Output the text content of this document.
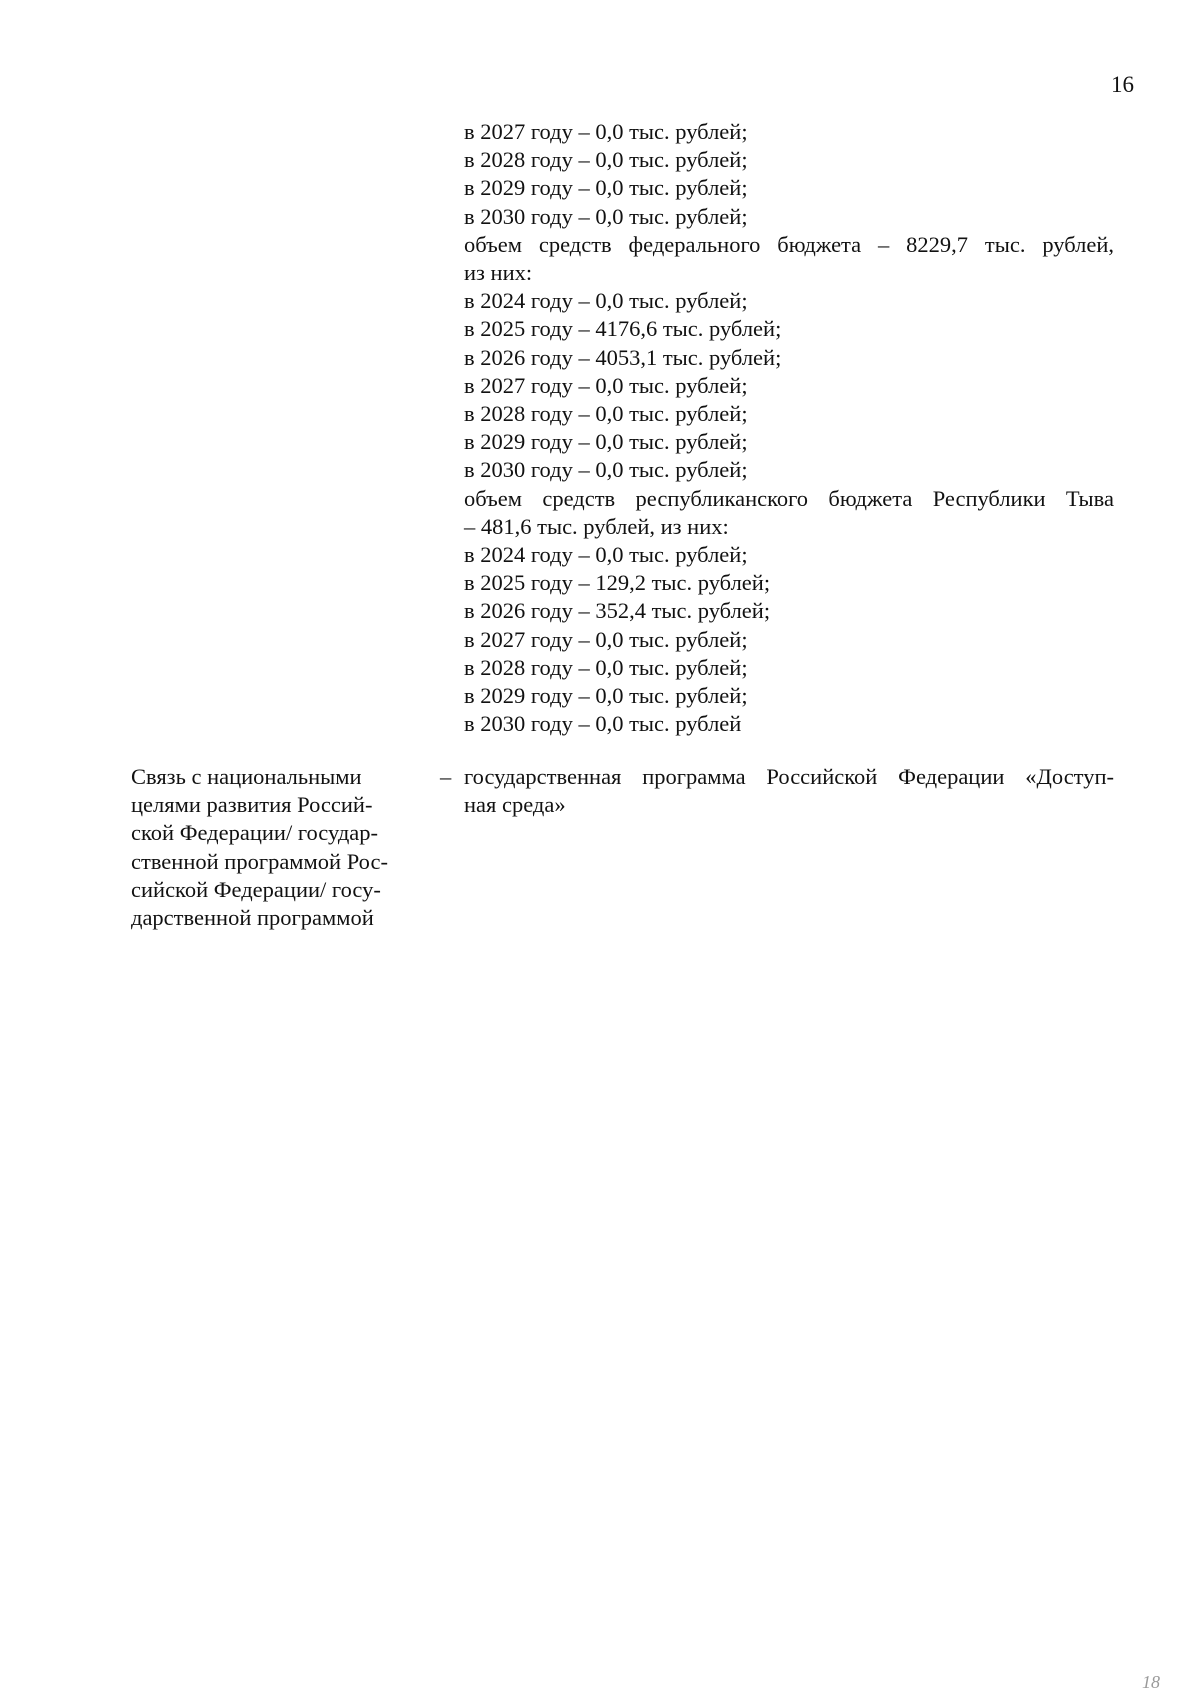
16
в 2027 году – 0,0 тыс. рублей;
в 2028 году – 0,0 тыс. рублей;
в 2029 году – 0,0 тыс. рублей;
в 2030 году – 0,0 тыс. рублей;
объем средств федерального бюджета – 8229,7 тыс. рублей,
из них:
в 2024 году – 0,0 тыс. рублей;
в 2025 году – 4176,6 тыс. рублей;
в 2026 году – 4053,1 тыс. рублей;
в 2027 году – 0,0 тыс. рублей;
в 2028 году – 0,0 тыс. рублей;
в 2029 году – 0,0 тыс. рублей;
в 2030 году – 0,0 тыс. рублей;
объем средств республиканского бюджета Республики Тыва
– 481,6 тыс. рублей, из них:
в 2024 году – 0,0 тыс. рублей;
в 2025 году – 129,2 тыс. рублей;
в 2026 году – 352,4 тыс. рублей;
в 2027 году – 0,0 тыс. рублей;
в 2028 году – 0,0 тыс. рублей;
в 2029 году – 0,0 тыс. рублей;
в 2030 году – 0,0 тыс. рублей
Связь с национальными
целями развития Россий-
ской Федерации/ государ-
ственной программой Рос-
сийской Федерации/ госу-
дарственной программой
– государственная программа Российской Федерации «Доступ-
ная среда»
18
